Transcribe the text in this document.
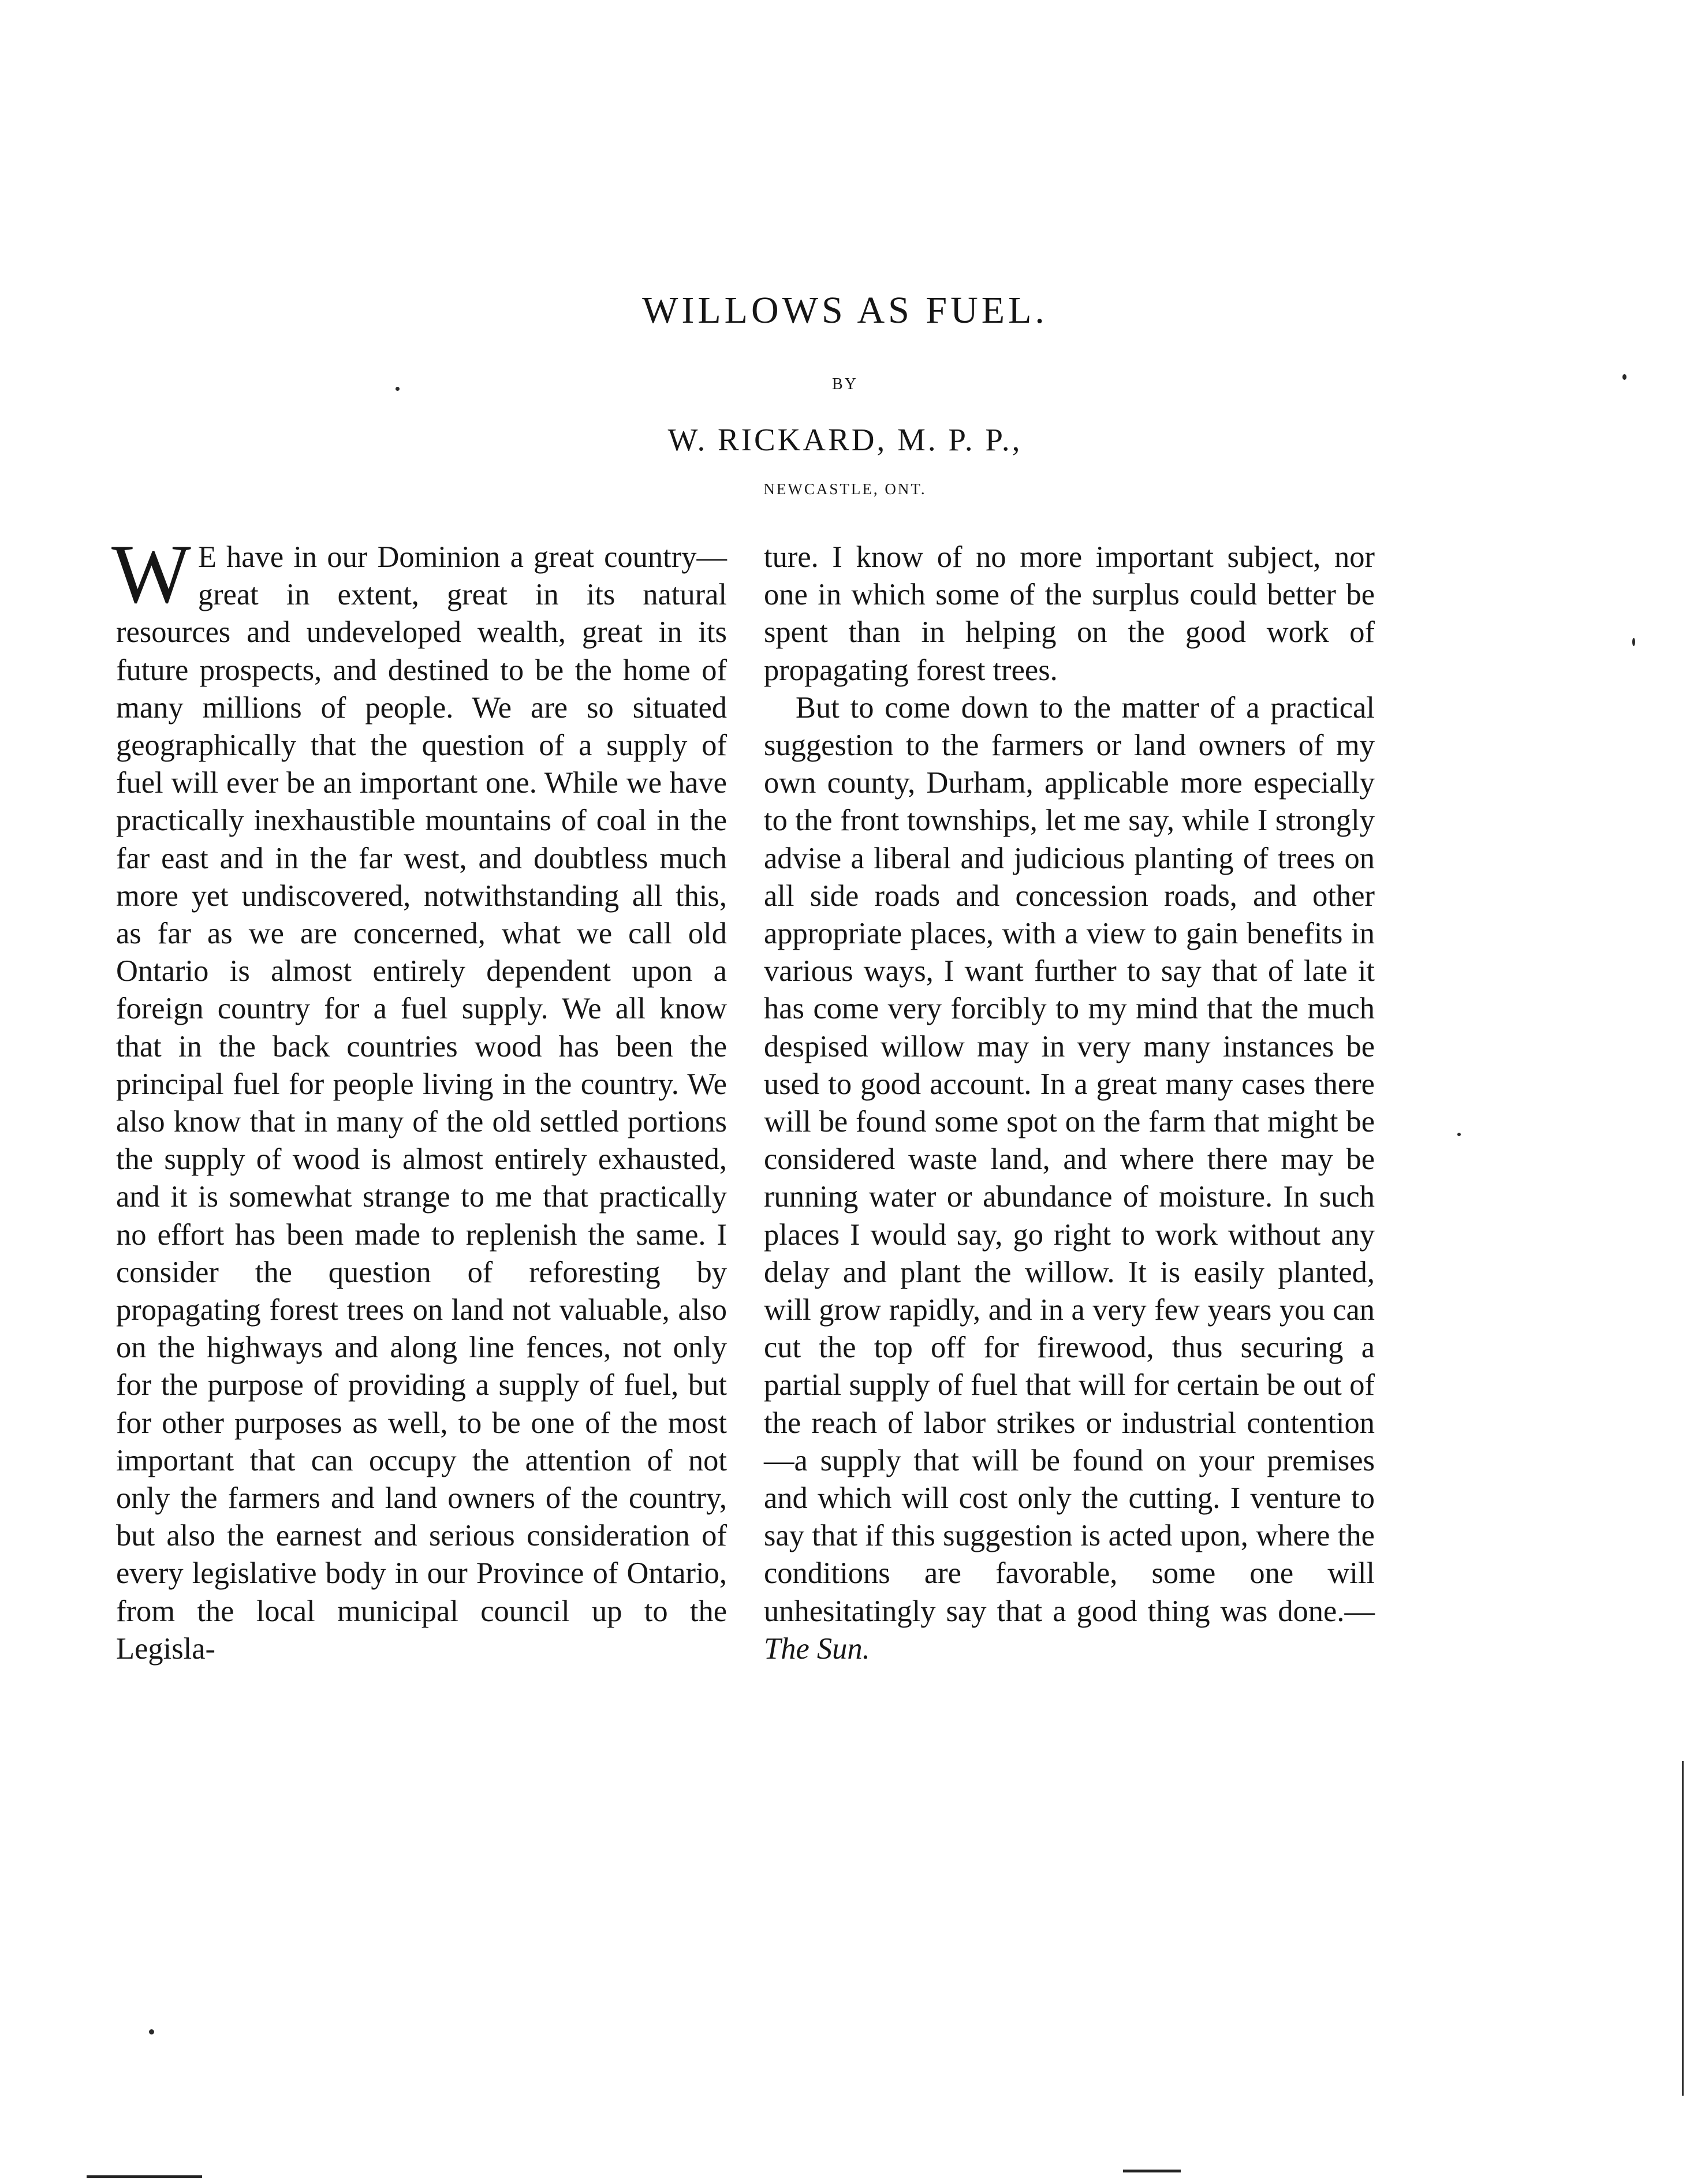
WILLOWS AS FUEL.
BY
W. RICKARD, M. P. P.,
NEWCASTLE, ONT.

W E have in our Dominion a great country—great in extent, great in its natural resources and undeveloped wealth, great in its future prospects, and destined to be the home of many millions of people. We are so situated geographically that the question of a supply of fuel will ever be an important one. While we have practically inexhaustible mountains of coal in the far east and in the far west, and doubtless much more yet undiscovered, notwithstanding all this, as far as we are concerned, what we call old Ontario is almost entirely dependent upon a foreign country for a fuel supply. We all know that in the back countries wood has been the principal fuel for people living in the country. We also know that in many of the old settled portions the supply of wood is almost entirely exhausted, and it is somewhat strange to me that practically no effort has been made to replenish the same. I consider the question of reforesting by propagating forest trees on land not valuable, also on the highways and along line fences, not only for the purpose of providing a supply of fuel, but for other purposes as well, to be one of the most important that can occupy the attention of not only the farmers and land owners of the country, but also the earnest and serious consideration of every legislative body in our Province of Ontario, from the local municipal council up to the Legisla-

ture. I know of no more important subject, nor one in which some of the surplus could better be spent than in helping on the good work of propagating forest trees.

But to come down to the matter of a practical suggestion to the farmers or land owners of my own county, Durham, applicable more especially to the front townships, let me say, while I strongly advise a liberal and judicious planting of trees on all side roads and concession roads, and other appropriate places, with a view to gain benefits in various ways, I want further to say that of late it has come very forcibly to my mind that the much despised willow may in very many instances be used to good account. In a great many cases there will be found some spot on the farm that might be considered waste land, and where there may be running water or abundance of moisture. In such places I would say, go right to work without any delay and plant the willow. It is easily planted, will grow rapidly, and in a very few years you can cut the top off for firewood, thus securing a partial supply of fuel that will for certain be out of the reach of labor strikes or industrial contention—a supply that will be found on your premises and which will cost only the cutting. I venture to say that if this suggestion is acted upon, where the conditions are favorable, some one will unhesitatingly say that a good thing was done.—The Sun.
